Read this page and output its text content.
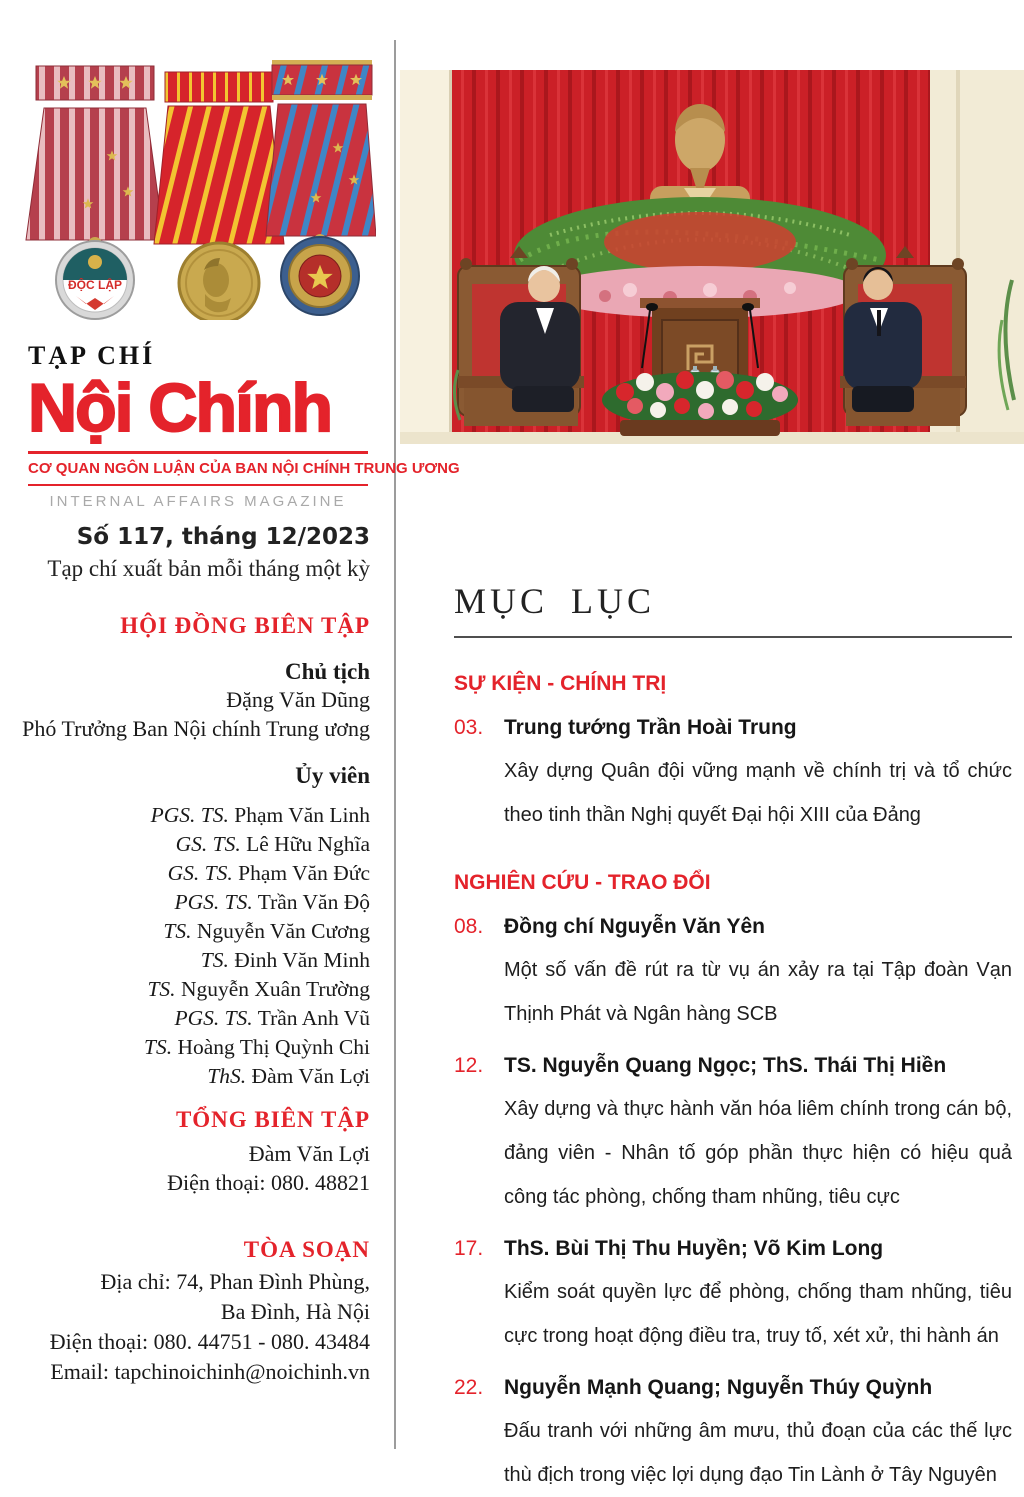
ĐỘC LẬP
TẠP CHÍ
Nội Chính
CƠ QUAN NGÔN LUẬN CỦA BAN NỘI CHÍNH TRUNG ƯƠNG
INTERNAL AFFAIRS MAGAZINE
Số 117, tháng 12/2023
Tạp chí xuất bản mỗi tháng một kỳ
HỘI ĐỒNG BIÊN TẬP
Chủ tịch
Đặng Văn Dũng
Phó Trưởng Ban Nội chính Trung ương
Ủy viên
PGS. TS. Phạm Văn Linh
GS. TS. Lê Hữu Nghĩa
GS. TS. Phạm Văn Đức
PGS. TS. Trần Văn Độ
TS. Nguyễn Văn Cương
TS. Đinh Văn Minh
TS. Nguyễn Xuân Trường
PGS. TS. Trần Anh Vũ
TS. Hoàng Thị Quỳnh Chi
ThS. Đàm Văn Lợi
TỔNG BIÊN TẬP
Đàm Văn Lợi
Điện thoại: 080. 48821
TÒA SOẠN
Địa chỉ: 74, Phan Đình Phùng,
Ba Đình, Hà Nội
Điện thoại: 080. 44751 - 080. 43484
Email: tapchinoichinh@noichinh.vn
MỤC LỤC
SỰ KIỆN - CHÍNH TRỊ
03. Trung tướng Trần Hoài Trung
Xây dựng Quân đội vững mạnh về chính trị và tổ chức theo tinh thần Nghị quyết Đại hội XIII của Đảng
NGHIÊN CỨU - TRAO ĐỔI
08. Đồng chí Nguyễn Văn Yên
Một số vấn đề rút ra từ vụ án xảy ra tại Tập đoàn Vạn Thịnh Phát và Ngân hàng SCB
12. TS. Nguyễn Quang Ngọc; ThS. Thái Thị Hiền
Xây dựng và thực hành văn hóa liêm chính trong cán bộ, đảng viên - Nhân tố góp phần thực hiện có hiệu quả công tác phòng, chống tham nhũng, tiêu cực
17. ThS. Bùi Thị Thu Huyền; Võ Kim Long
Kiểm soát quyền lực để phòng, chống tham nhũng, tiêu cực trong hoạt động điều tra, truy tố, xét xử, thi hành án
22. Nguyễn Mạnh Quang; Nguyễn Thúy Quỳnh
Đấu tranh với những âm mưu, thủ đoạn của các thế lực thù địch trong việc lợi dụng đạo Tin Lành ở Tây Nguyên
